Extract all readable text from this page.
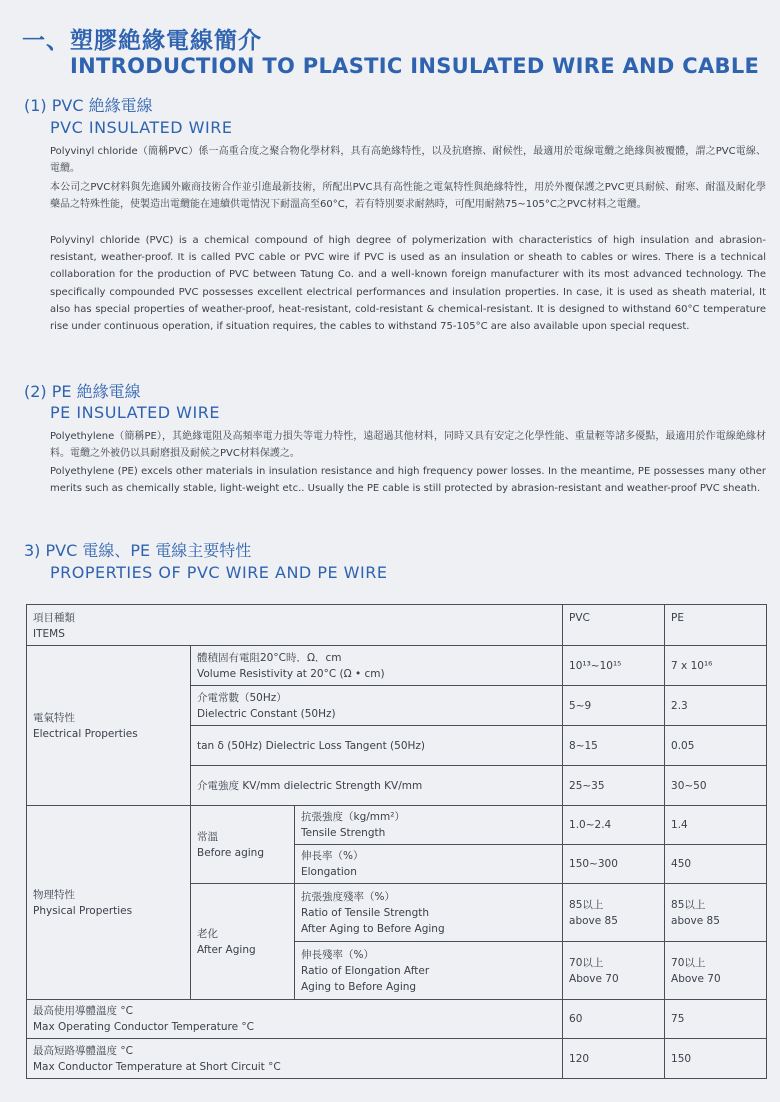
一、塑膠絶緣電線簡介
INTRODUCTION TO PLASTIC INSULATED WIRE AND CABLE
(1) PVC 絶緣電線
PVC INSULATED WIRE
Polyvinyl chloride（簡稱PVC）係一高重合度之聚合物化學材料，具有高絶緣特性，以及抗磨擦、耐候性，最適用於電線電纜之絶緣與被覆體，謂之PVC電線、電纜。
本公司之PVC材料與先進國外廠商技術合作並引進最新技術，所配出PVC具有高性能之電氣特性與絶緣特性，用於外覆保護之PVC更具耐候、耐寒、耐溫及耐化學藥品之特殊性能，使製造出電纜能在連續供電情況下耐溫高至60°C，若有特別要求耐熱時，可配用耐熱75~105°C之PVC材料之電纜。
Polyvinyl chloride (PVC) is a chemical compound of high degree of polymerization with characteristics of high insulation and abrasion-resistant, weather-proof. It is called PVC cable or PVC wire if PVC is used as an insulation or sheath to cables or wires. There is a technical collaboration for the production of PVC between Tatung Co. and a well-known foreign manufacturer with its most advanced technology. The specifically compounded PVC possesses excellent electrical performances and insulation properties. In case, it is used as sheath material, It also has special properties of weather-proof, heat-resistant, cold-resistant & chemical-resistant. It is designed to withstand 60°C temperature rise under continuous operation, if situation requires, the cables to withstand 75-105°C are also available upon special request.
(2) PE 絶緣電線
PE INSULATED WIRE
Polyethylene（簡稱PE），其絶緣電阻及高頻率電力損失等電力特性，遠超過其他材料，同時又具有安定之化學性能、重量輕等諸多優點，最適用於作電線絶緣材料。電纜之外被仍以具耐磨損及耐候之PVC材料保護之。
Polyethylene (PE) excels other materials in insulation resistance and high frequency power losses. In the meantime, PE possesses many other merits such as chemically stable, light-weight etc.. Usually the PE cable is still protected by abrasion-resistant and weather-proof PVC sheath.
3) PVC 電線、PE 電線主要特性
PROPERTIES OF PVC WIRE AND PE WIRE
項目種類
ITEMS			PVC	PE

電氣特性
Electrical Properties	體積固有電阻20°C時．Ω．cm
Volume Resistivity at 20°C (Ω • cm)		10¹³~10¹⁵	7 x 10¹⁶

	介電常數（50Hz）
Dielectric Constant (50Hz)		5~9	2.3
	tan δ (50Hz) Dielectric Loss Tangent (50Hz)		8~15	0.05
	介電強度 KV/mm dielectric Strength KV/mm		25~35	30~50

物理特性
Physical Properties	常溫
Before aging	抗張強度（kg/mm²）
Tensile Strength	1.0~2.4	1.4

		伸長率（%）
Elongation	150~300	450

	老化
After Aging	抗張強度殘率（%）
Ratio of Tensile Strength
After Aging to Before Aging	85以上
above 85	85以上
above 85

		伸長殘率（%）
Ratio of Elongation After
Aging to Before Aging	70以上
Above 70	70以上
Above 70

最高使用導體溫度 °C
Max Operating Conductor Temperature °C			60	75

最高短路導體溫度 °C
Max Conductor Temperature at Short Circuit °C			120	150
